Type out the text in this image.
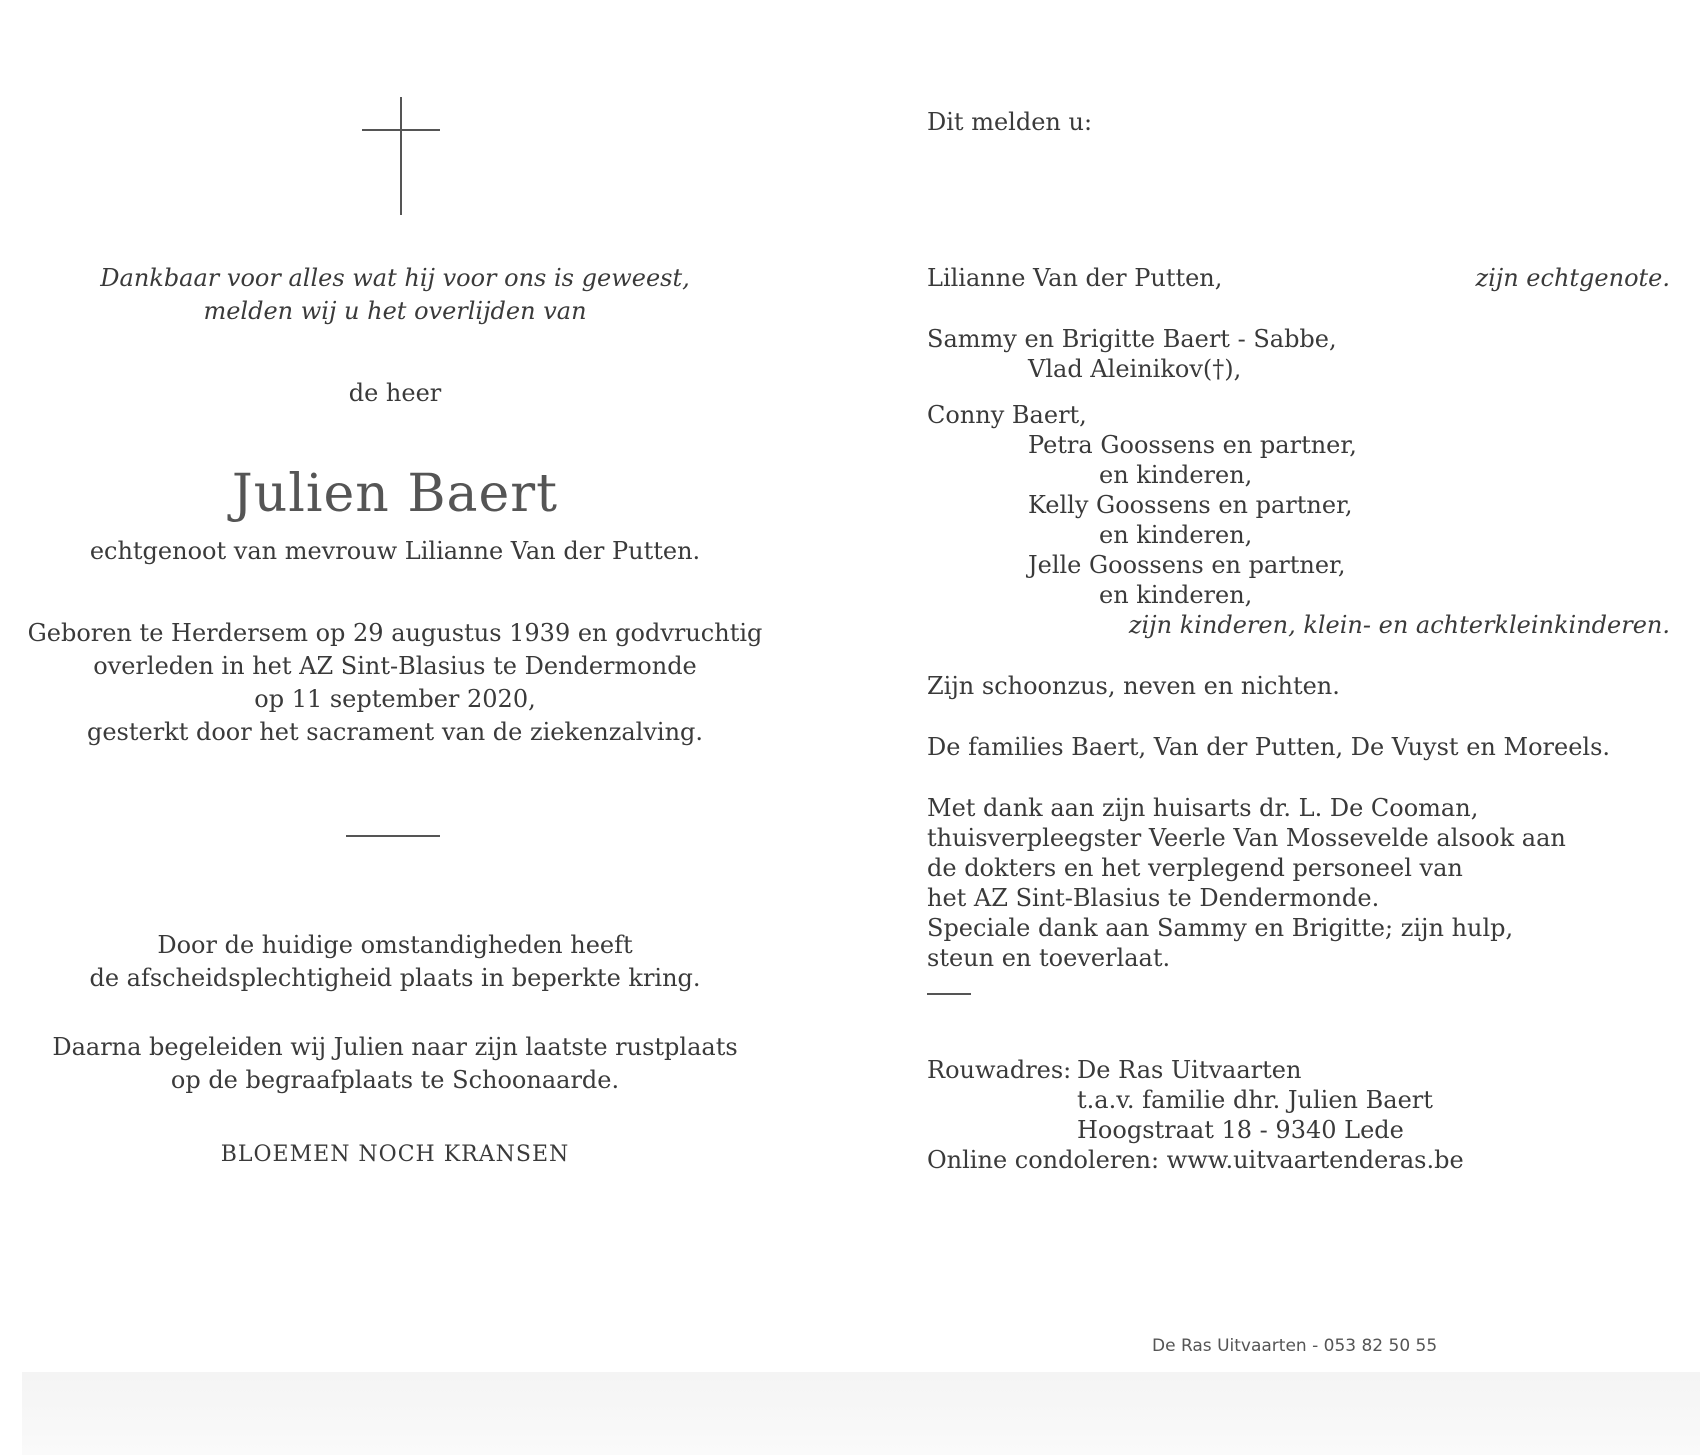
Dankbaar voor alles wat hij voor ons is geweest,
melden wij u het overlijden van
de heer
Julien Baert
echtgenoot van mevrouw Lilianne Van der Putten.
Geboren te Herdersem op 29 augustus 1939 en godvruchtig
overleden in het AZ Sint-Blasius te Dendermonde
op 11 september 2020,
gesterkt door het sacrament van de ziekenzalving.
Door de huidige omstandigheden heeft
de afscheidsplechtigheid plaats in beperkte kring.
Daarna begeleiden wij Julien naar zijn laatste rustplaats
op de begraafplaats te Schoonaarde.
BLOEMEN NOCH KRANSEN
Dit melden u:
Lilianne Van der Putten,	zijn echtgenote.
Sammy en Brigitte Baert - Sabbe,
Vlad Aleinikov(†),
Conny Baert,
Petra Goossens en partner,
en kinderen,
Kelly Goossens en partner,
en kinderen,
Jelle Goossens en partner,
en kinderen,
zijn kinderen, klein- en achterkleinkinderen.
Zijn schoonzus, neven en nichten.
De families Baert, Van der Putten, De Vuyst en Moreels.
Met dank aan zijn huisarts dr. L. De Cooman,
thuisverpleegster Veerle Van Mossevelde alsook aan
de dokters en het verplegend personeel van
het AZ Sint-Blasius te Dendermonde.
Speciale dank aan Sammy en Brigitte; zijn hulp,
steun en toeverlaat.
Rouwadres: De Ras Uitvaarten
t.a.v. familie dhr. Julien Baert
Hoogstraat 18 - 9340 Lede
Online condoleren: www.uitvaartenderas.be
De Ras Uitvaarten - 053 82 50 55
